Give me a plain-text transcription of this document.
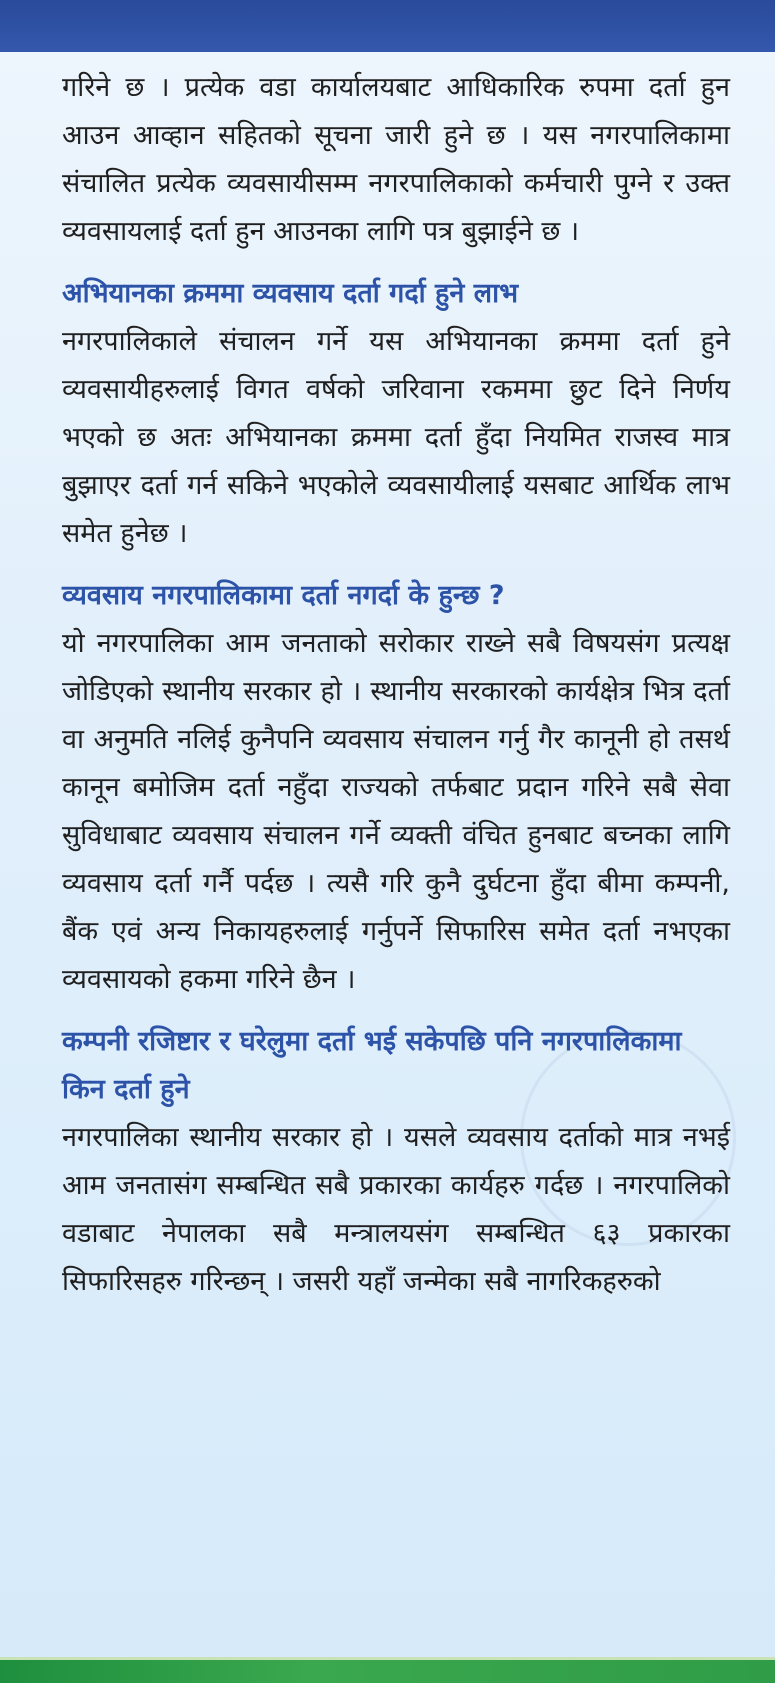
गरिने छ । प्रत्येक वडा कार्यालयबाट आधिकारिक रुपमा दर्ता हुन आउन आव्हान सहितको सूचना जारी हुने छ । यस नगरपालिकामा संचालित प्रत्येक व्यवसायीसम्म नगरपालिकाको कर्मचारी पुग्ने र उक्त व्यवसायलाई दर्ता हुन आउनका लागि पत्र बुझाईने छ ।

अभियानका क्रममा व्यवसाय दर्ता गर्दा हुने लाभ

नगरपालिकाले संचालन गर्ने यस अभियानका क्रममा दर्ता हुने व्यवसायीहरुलाई विगत वर्षको जरिवाना रकममा छुट दिने निर्णय भएको छ अतः अभियानका क्रममा दर्ता हुँदा नियमित राजस्व मात्र बुझाएर दर्ता गर्न सकिने भएकोले व्यवसायीलाई यसबाट आर्थिक लाभ समेत हुनेछ ।

व्यवसाय नगरपालिकामा दर्ता नगर्दा के हुन्छ ?

यो नगरपालिका आम जनताको सरोकार राख्ने सबै विषयसंग प्रत्यक्ष जोडिएको स्थानीय सरकार हो । स्थानीय सरकारको कार्यक्षेत्र भित्र दर्ता वा अनुमति नलिई कुनैपनि व्यवसाय संचालन गर्नु गैर कानूनी हो तसर्थ कानून बमोजिम दर्ता नहुँदा राज्यको तर्फबाट प्रदान गरिने सबै सेवा सुविधाबाट व्यवसाय संचालन गर्ने व्यक्ती वंचित हुनबाट बच्नका लागि व्यवसाय दर्ता गर्नै पर्दछ । त्यसै गरि कुनै दुर्घटना हुँदा बीमा कम्पनी, बैंक एवं अन्य निकायहरुलाई गर्नुपर्ने सिफारिस समेत दर्ता नभएका व्यवसायको हकमा गरिने छैन ।

कम्पनी रजिष्टार र घरेलुमा दर्ता भई सकेपछि पनि नगरपालिकामा किन दर्ता हुने

नगरपालिका स्थानीय सरकार हो । यसले व्यवसाय दर्ताको मात्र नभई आम जनतासंग सम्बन्धित सबै प्रकारका कार्यहरु गर्दछ । नगरपालिको वडाबाट नेपालका सबै मन्त्रालयसंग सम्बन्धित ६३ प्रकारका सिफारिसहरु गरिन्छन् । जसरी यहाँ जन्मेका सबै नागरिकहरुको
